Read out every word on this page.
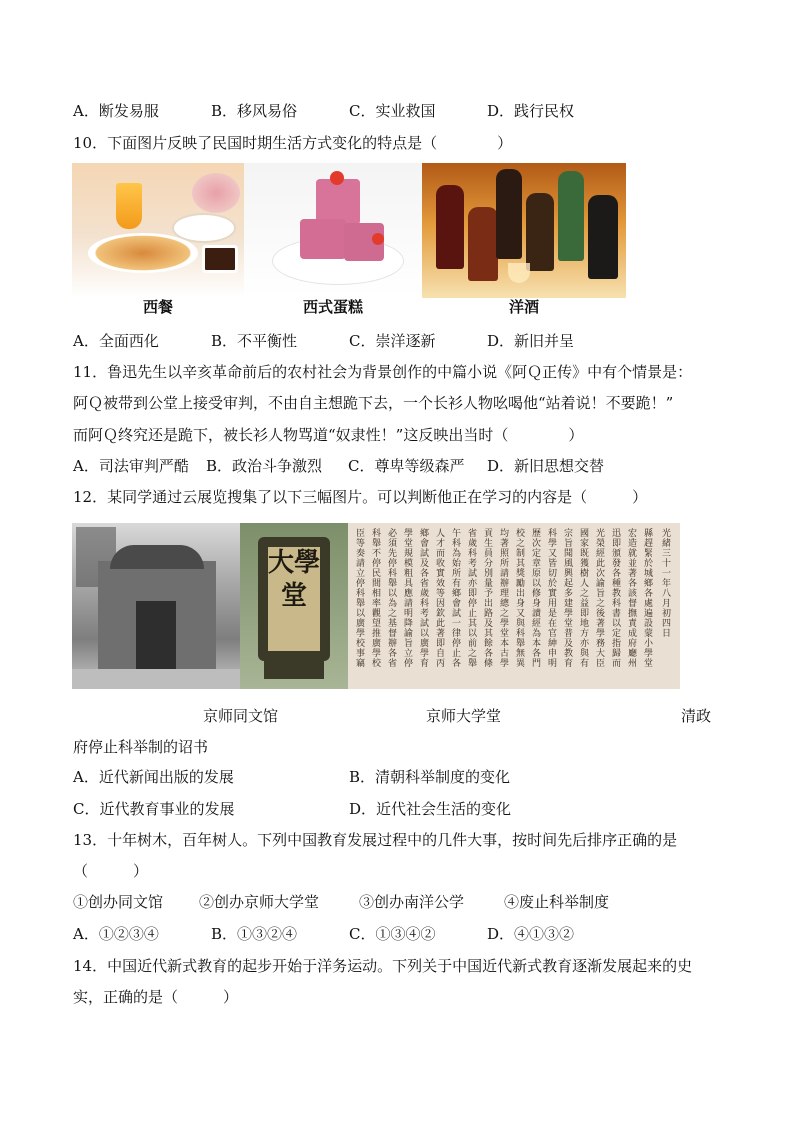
A．断发易服	B．移风易俗	C．实业救国	D．践行民权
10．下面图片反映了民国时期生活方式变化的特点是（　　　　）
西餐	西式蛋糕	洋酒
A．全面西化	B．不平衡性	C．崇洋逐新	D．新旧并呈
11．鲁迅先生以辛亥革命前后的农村社会为背景创作的中篇小说《阿Ｑ正传》中有个情景是：
阿Ｑ被带到公堂上接受审判，不由自主想跪下去，一个长衫人物吆喝他“站着说！不要跪！”
而阿Ｑ终究还是跪下，被长衫人物骂道“奴隶性！”这反映出当时（　　　　）
A．司法审判严酷 B．政治斗争激烈 C．尊卑等级森严 D．新旧思想交替
12．某同学通过云展览搜集了以下三幅图片。可以判断他正在学习的内容是（　　　）
大學堂
臣等奏請立停科舉以廣學校事竊
科舉不停民間相率觀望推廣學校
必須先停科舉以為之基督辦各省
學堂規模粗具應請明降諭旨立停
鄉會試及各省歲科考試以廣學育
人才而收實效等因欽此著即自丙
午科為始所有鄉會試一律停止各
省歲科考試亦即停止其以前之舉
貢生員分別量予出路及其餘各條
均著照所請辦理總之學堂本古學
校之制其獎勵出身又與科舉無異
歷次定章原以修身讀經為本各門
科學又皆切於實用是在官紳申明
宗旨聞風興起多建學堂普及教育
國家既獲樹人之益即地方亦與有
光榮經此次諭旨之後著學務大臣
迅即頒發各種教科書以定指歸而
宏造就並著各該督撫責成府廳州
縣趕緊於城鄉各處遍設蒙小學堂
光緒三十一年八月初四日
京师同文馆	京师大学堂	清政
府停止科举制的诏书
A．近代新闻出版的发展	B．清朝科举制度的变化
C．近代教育事业的发展	D．近代社会生活的变化
13．十年树木，百年树人。下列中国教育发展过程中的几件大事，按时间先后排序正确的是
（　　　）
①创办同文馆 ②创办京师大学堂	③创办南洋公学	④废止科举制度
A．①②③④	B．①③②④	C．①③④②	D．④①③②
14．中国近代新式教育的起步开始于洋务运动。下列关于中国近代新式教育逐渐发展起来的史
实，正确的是（　　　）
